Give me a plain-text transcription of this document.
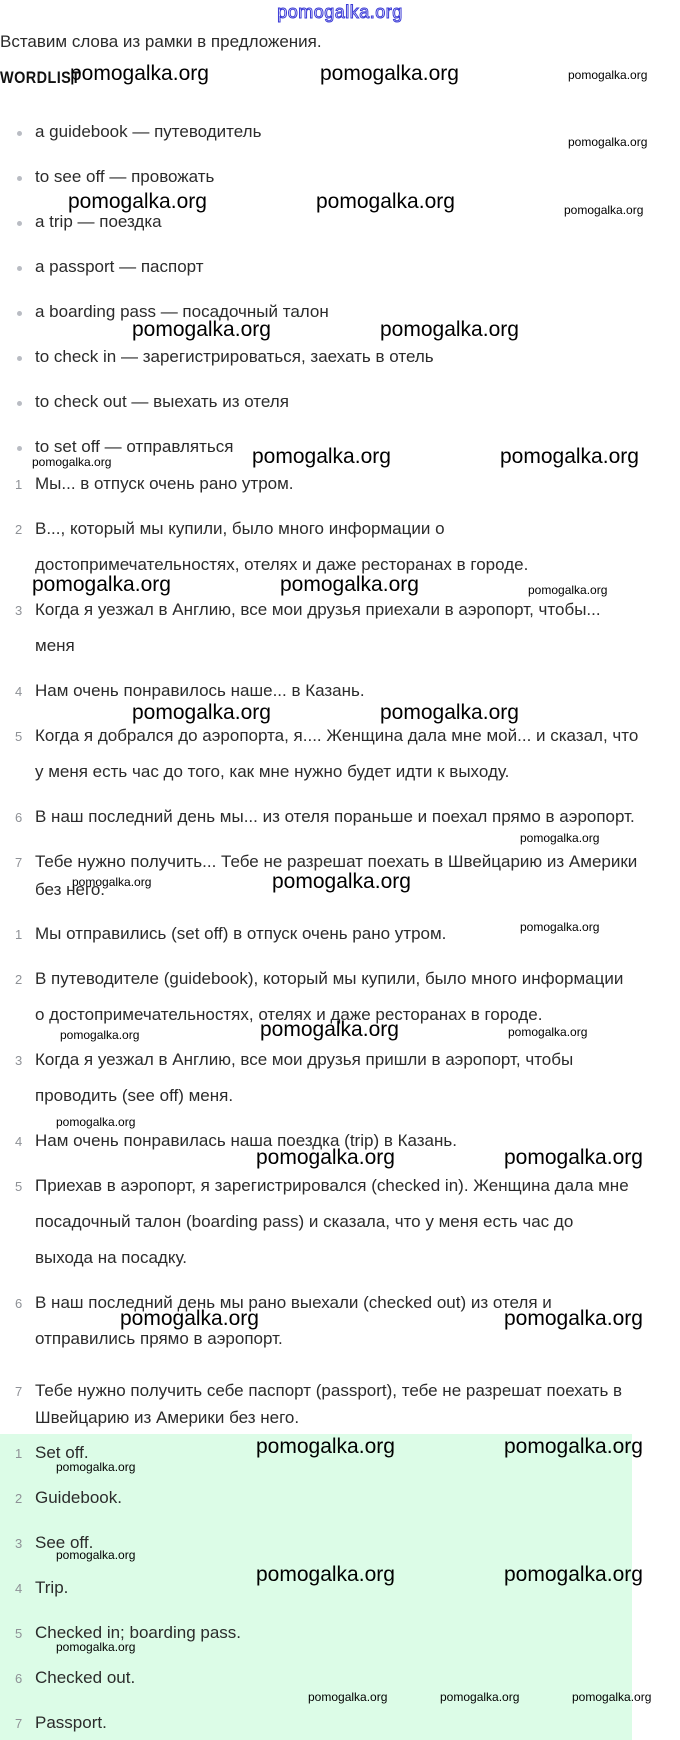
pomogalka.org
Вставим слова из рамки в предложения.
WORDLIST
a guidebook — путеводитель
to see off — провожать
a trip — поездка
a passport — паспорт
a boarding pass — посадочный талон
to check in — зарегистрироваться, заехать в отель
to check out — выехать из отеля
to set off — отправляться
1 Мы... в отпуск очень рано утром.
2 В..., который мы купили, было много информации о
достопримечательностях, отелях и даже ресторанах в городе.
3 Когда я уезжал в Англию, все мои друзья приехали в аэропорт, чтобы...
меня
4 Нам очень понравилось наше... в Казань.
5 Когда я добрался до аэропорта, я.... Женщина дала мне мой... и сказал, что
у меня есть час до того, как мне нужно будет идти к выходу.
6 В наш последний день мы... из отеля пораньше и поехал прямо в аэропорт.
7 Тебе нужно получить... Тебе не разрешат поехать в Швейцарию из Америки
без него.
1 Мы отправились (set off) в отпуск очень рано утром.
2 В путеводителе (guidebook), который мы купили, было много информации
о достопримечательностях, отелях и даже ресторанах в городе.
3 Когда я уезжал в Англию, все мои друзья пришли в аэропорт, чтобы
проводить (see off) меня.
4 Нам очень понравилась наша поездка (trip) в Казань.
5 Приехав в аэропорт, я зарегистрировался (checked in). Женщина дала мне
посадочный талон (boarding pass) и сказала, что у меня есть час до
выхода на посадку.
6 В наш последний день мы рано выехали (checked out) из отеля и
отправились прямо в аэропорт.
7 Тебе нужно получить себе паспорт (passport), тебе не разрешат поехать в
Швейцарию из Америки без него.
1 Set off.
2 Guidebook.
3 See off.
4 Trip.
5 Checked in; boarding pass.
6 Checked out.
7 Passport.
pomogalka.org	pomogalka.org	pomogalka.org
pomogalka.org
pomogalka.org	pomogalka.org	pomogalka.org
pomogalka.org	pomogalka.org
pomogalka.org	pomogalka.org	pomogalka.org
pomogalka.org	pomogalka.org	pomogalka.org
pomogalka.org	pomogalka.org
pomogalka.org
pomogalka.org	pomogalka.org
pomogalka.org
pomogalka.org	pomogalka.org	pomogalka.org
pomogalka.org
pomogalka.org	pomogalka.org
pomogalka.org	pomogalka.org
pomogalka.org	pomogalka.org
pomogalka.org
pomogalka.org
pomogalka.org	pomogalka.org
pomogalka.org
pomogalka.org	pomogalka.org	pomogalka.org
